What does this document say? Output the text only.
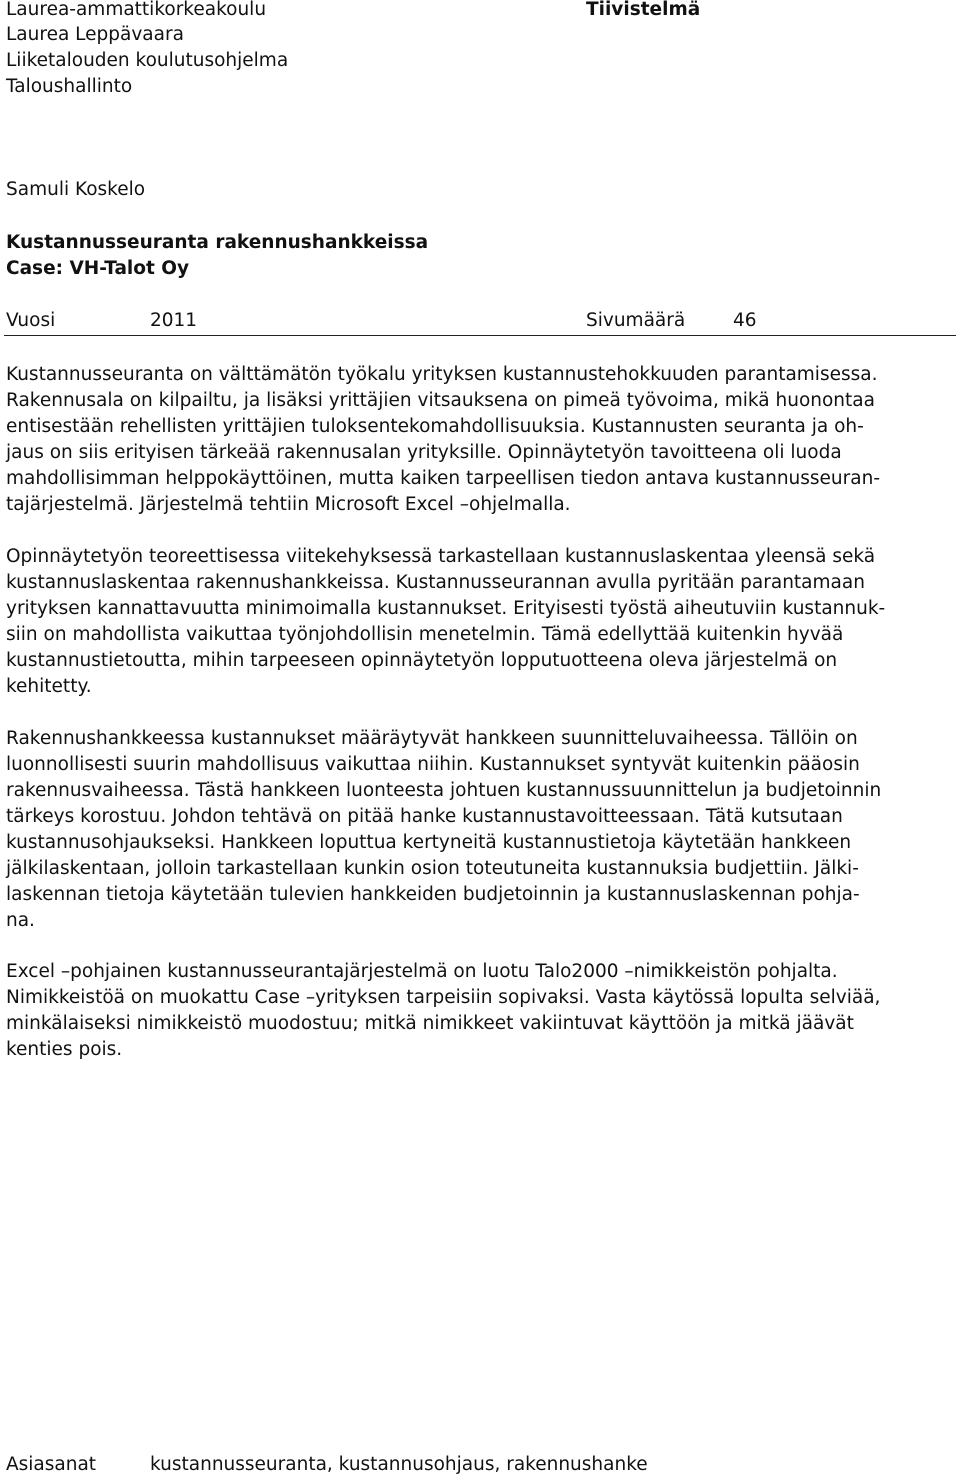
Laurea-ammattikorkeakoulu
Laurea Leppävaara
Liiketalouden koulutusohjelma
Taloushallinto
Tiivistelmä
Samuli Koskelo
Kustannusseuranta rakennushankkeissa
Case: VH-Talot Oy
Vuosi	2011	Sivumäärä	46
Kustannusseuranta on välttämätön työkalu yrityksen kustannustehokkuuden parantamisessa.
Rakennusala on kilpailtu, ja lisäksi yrittäjien vitsauksena on pimeä työvoima, mikä huonontaa
entisestään rehellisten yrittäjien tuloksentekomahdollisuuksia. Kustannusten seuranta ja oh-
jaus on siis erityisen tärkeää rakennusalan yrityksille. Opinnäytetyön tavoitteena oli luoda
mahdollisimman helppokäyttöinen, mutta kaiken tarpeellisen tiedon antava kustannusseuran-
tajärjestelmä. Järjestelmä tehtiin Microsoft Excel –ohjelmalla.
Opinnäytetyön teoreettisessa viitekehyksessä tarkastellaan kustannuslaskentaa yleensä sekä
kustannuslaskentaa rakennushankkeissa. Kustannusseurannan avulla pyritään parantamaan
yrityksen kannattavuutta minimoimalla kustannukset. Erityisesti työstä aiheutuviin kustannuk-
siin on mahdollista vaikuttaa työnjohdollisin menetelmin. Tämä edellyttää kuitenkin hyvää
kustannustietoutta, mihin tarpeeseen opinnäytetyön lopputuotteena oleva järjestelmä on
kehitetty.
Rakennushankkeessa kustannukset määräytyvät hankkeen suunnitteluvaiheessa. Tällöin on
luonnollisesti suurin mahdollisuus vaikuttaa niihin. Kustannukset syntyvät kuitenkin pääosin
rakennusvaiheessa. Tästä hankkeen luonteesta johtuen kustannussuunnittelun ja budjetoinnin
tärkeys korostuu. Johdon tehtävä on pitää hanke kustannustavoitteessaan. Tätä kutsutaan
kustannusohjaukseksi. Hankkeen loputtua kertyneitä kustannustietoja käytetään hankkeen
jälkilaskentaan, jolloin tarkastellaan kunkin osion toteutuneita kustannuksia budjettiin. Jälki-
laskennan tietoja käytetään tulevien hankkeiden budjetoinnin ja kustannuslaskennan pohja-
na.
Excel –pohjainen kustannusseurantajärjestelmä on luotu Talo2000 –nimikkeistön pohjalta.
Nimikkeistöä on muokattu Case –yrityksen tarpeisiin sopivaksi. Vasta käytössä lopulta selviää,
minkälaiseksi nimikkeistö muodostuu; mitkä nimikkeet vakiintuvat käyttöön ja mitkä jäävät
kenties pois.
Asiasanat	kustannusseuranta, kustannusohjaus, rakennushanke
